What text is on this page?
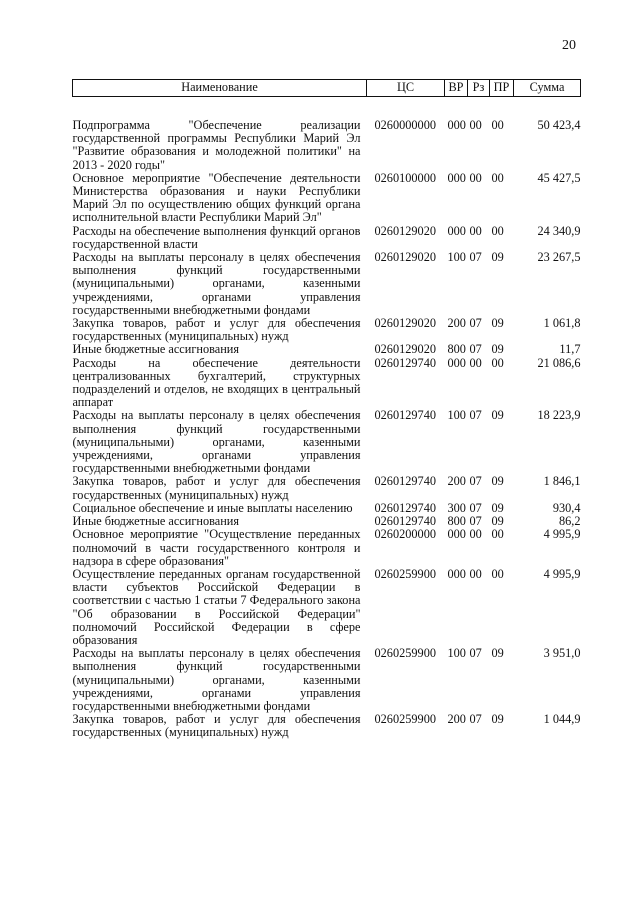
20
Наименование	ЦС	ВР	Рз	ПР	Сумма
Подпрограмма "Обеспечение реализации государственной программы Республики Марий Эл "Развитие образования и молодежной политики" на 2013 - 2020 годы"	0260000000	000	00	00	50 423,4
Основное мероприятие "Обеспечение деятельности Министерства образования и науки Республики Марий Эл по осуществлению общих функций органа исполнительной власти Республики Марий Эл"	0260100000	000	00	00	45 427,5
Расходы на обеспечение выполнения функций органов государственной власти	0260129020	000	00	00	24 340,9
Расходы на выплаты персоналу в целях обеспечения выполнения функций государственными (муниципальными) органами, казенными учреждениями, органами управления государственными внебюджетными фондами	0260129020	100	07	09	23 267,5
Закупка товаров, работ и услуг для обеспечения государственных (муниципальных) нужд	0260129020	200	07	09	1 061,8
Иные бюджетные ассигнования	0260129020	800	07	09	11,7
Расходы на обеспечение деятельности централизованных бухгалтерий, структурных подразделений и отделов, не входящих в центральный аппарат	0260129740	000	00	00	21 086,6
Расходы на выплаты персоналу в целях обеспечения выполнения функций государственными (муниципальными) органами, казенными учреждениями, органами управления государственными внебюджетными фондами	0260129740	100	07	09	18 223,9
Закупка товаров, работ и услуг для обеспечения государственных (муниципальных) нужд	0260129740	200	07	09	1 846,1
Социальное обеспечение и иные выплаты населению	0260129740	300	07	09	930,4
Иные бюджетные ассигнования	0260129740	800	07	09	86,2
Основное мероприятие "Осуществление переданных полномочий в части государственного контроля и надзора в сфере образования"	0260200000	000	00	00	4 995,9
Осуществление переданных органам государственной власти субъектов Российской Федерации в соответствии с частью 1 статьи 7 Федерального закона "Об образовании в Российской Федерации" полномочий Российской Федерации в сфере образования	0260259900	000	00	00	4 995,9
Расходы на выплаты персоналу в целях обеспечения выполнения функций государственными (муниципальными) органами, казенными учреждениями, органами управления государственными внебюджетными фондами	0260259900	100	07	09	3 951,0
Закупка товаров, работ и услуг для обеспечения государственных (муниципальных) нужд	0260259900	200	07	09	1 044,9
